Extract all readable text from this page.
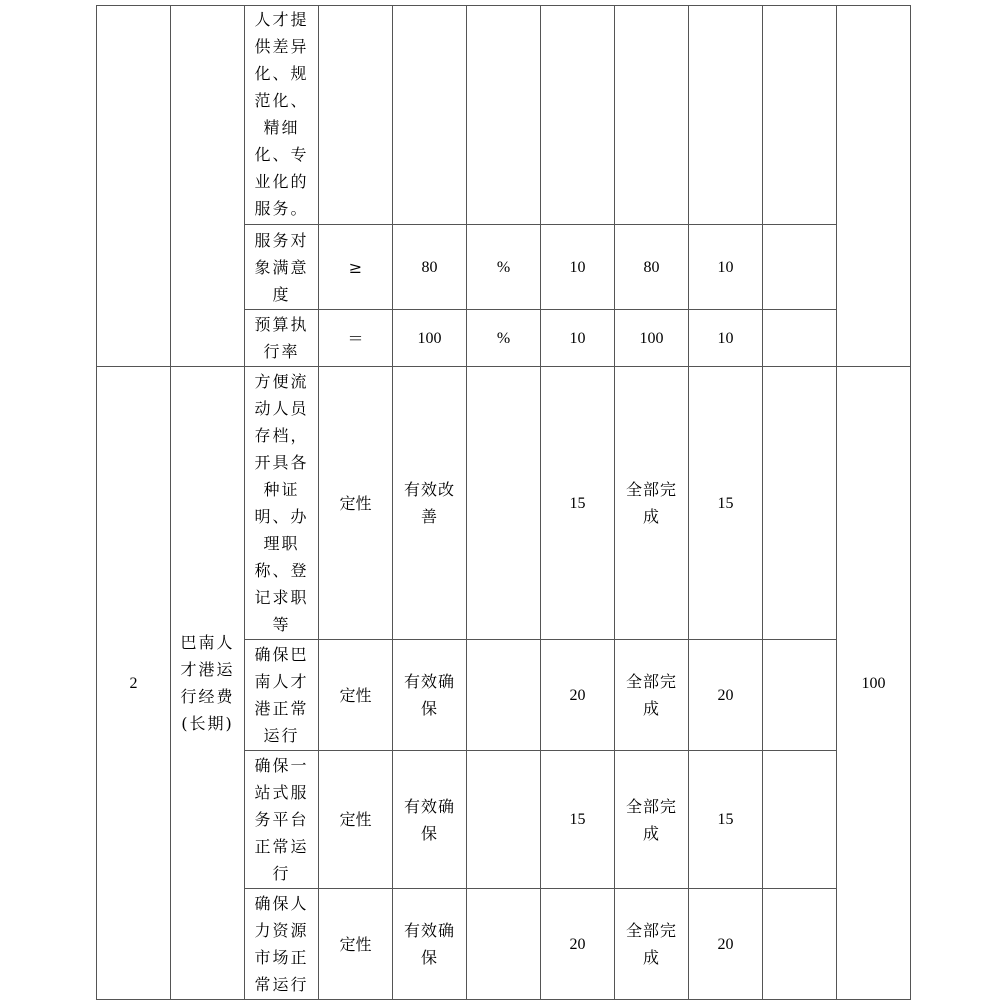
		人才提供差异化、规范化、精细化、专业化的服务。								

		服务对象满意度	≥	80	%	10	80	10		

		预算执行率	＝	100	%	10	100	10		
2	巴南人才港运行经费(长期)	方便流动人员存档，开具各种证明、办理职称、登记求职等	定性	有效改善		15	全部完成	15		100

		确保巴南人才港正常运行	定性	有效确保		20	全部完成	20		

		确保一站式服务平台正常运行	定性	有效确保		15	全部完成	15		

		确保人力资源市场正常运行	定性	有效确保		20	全部完成	20		
